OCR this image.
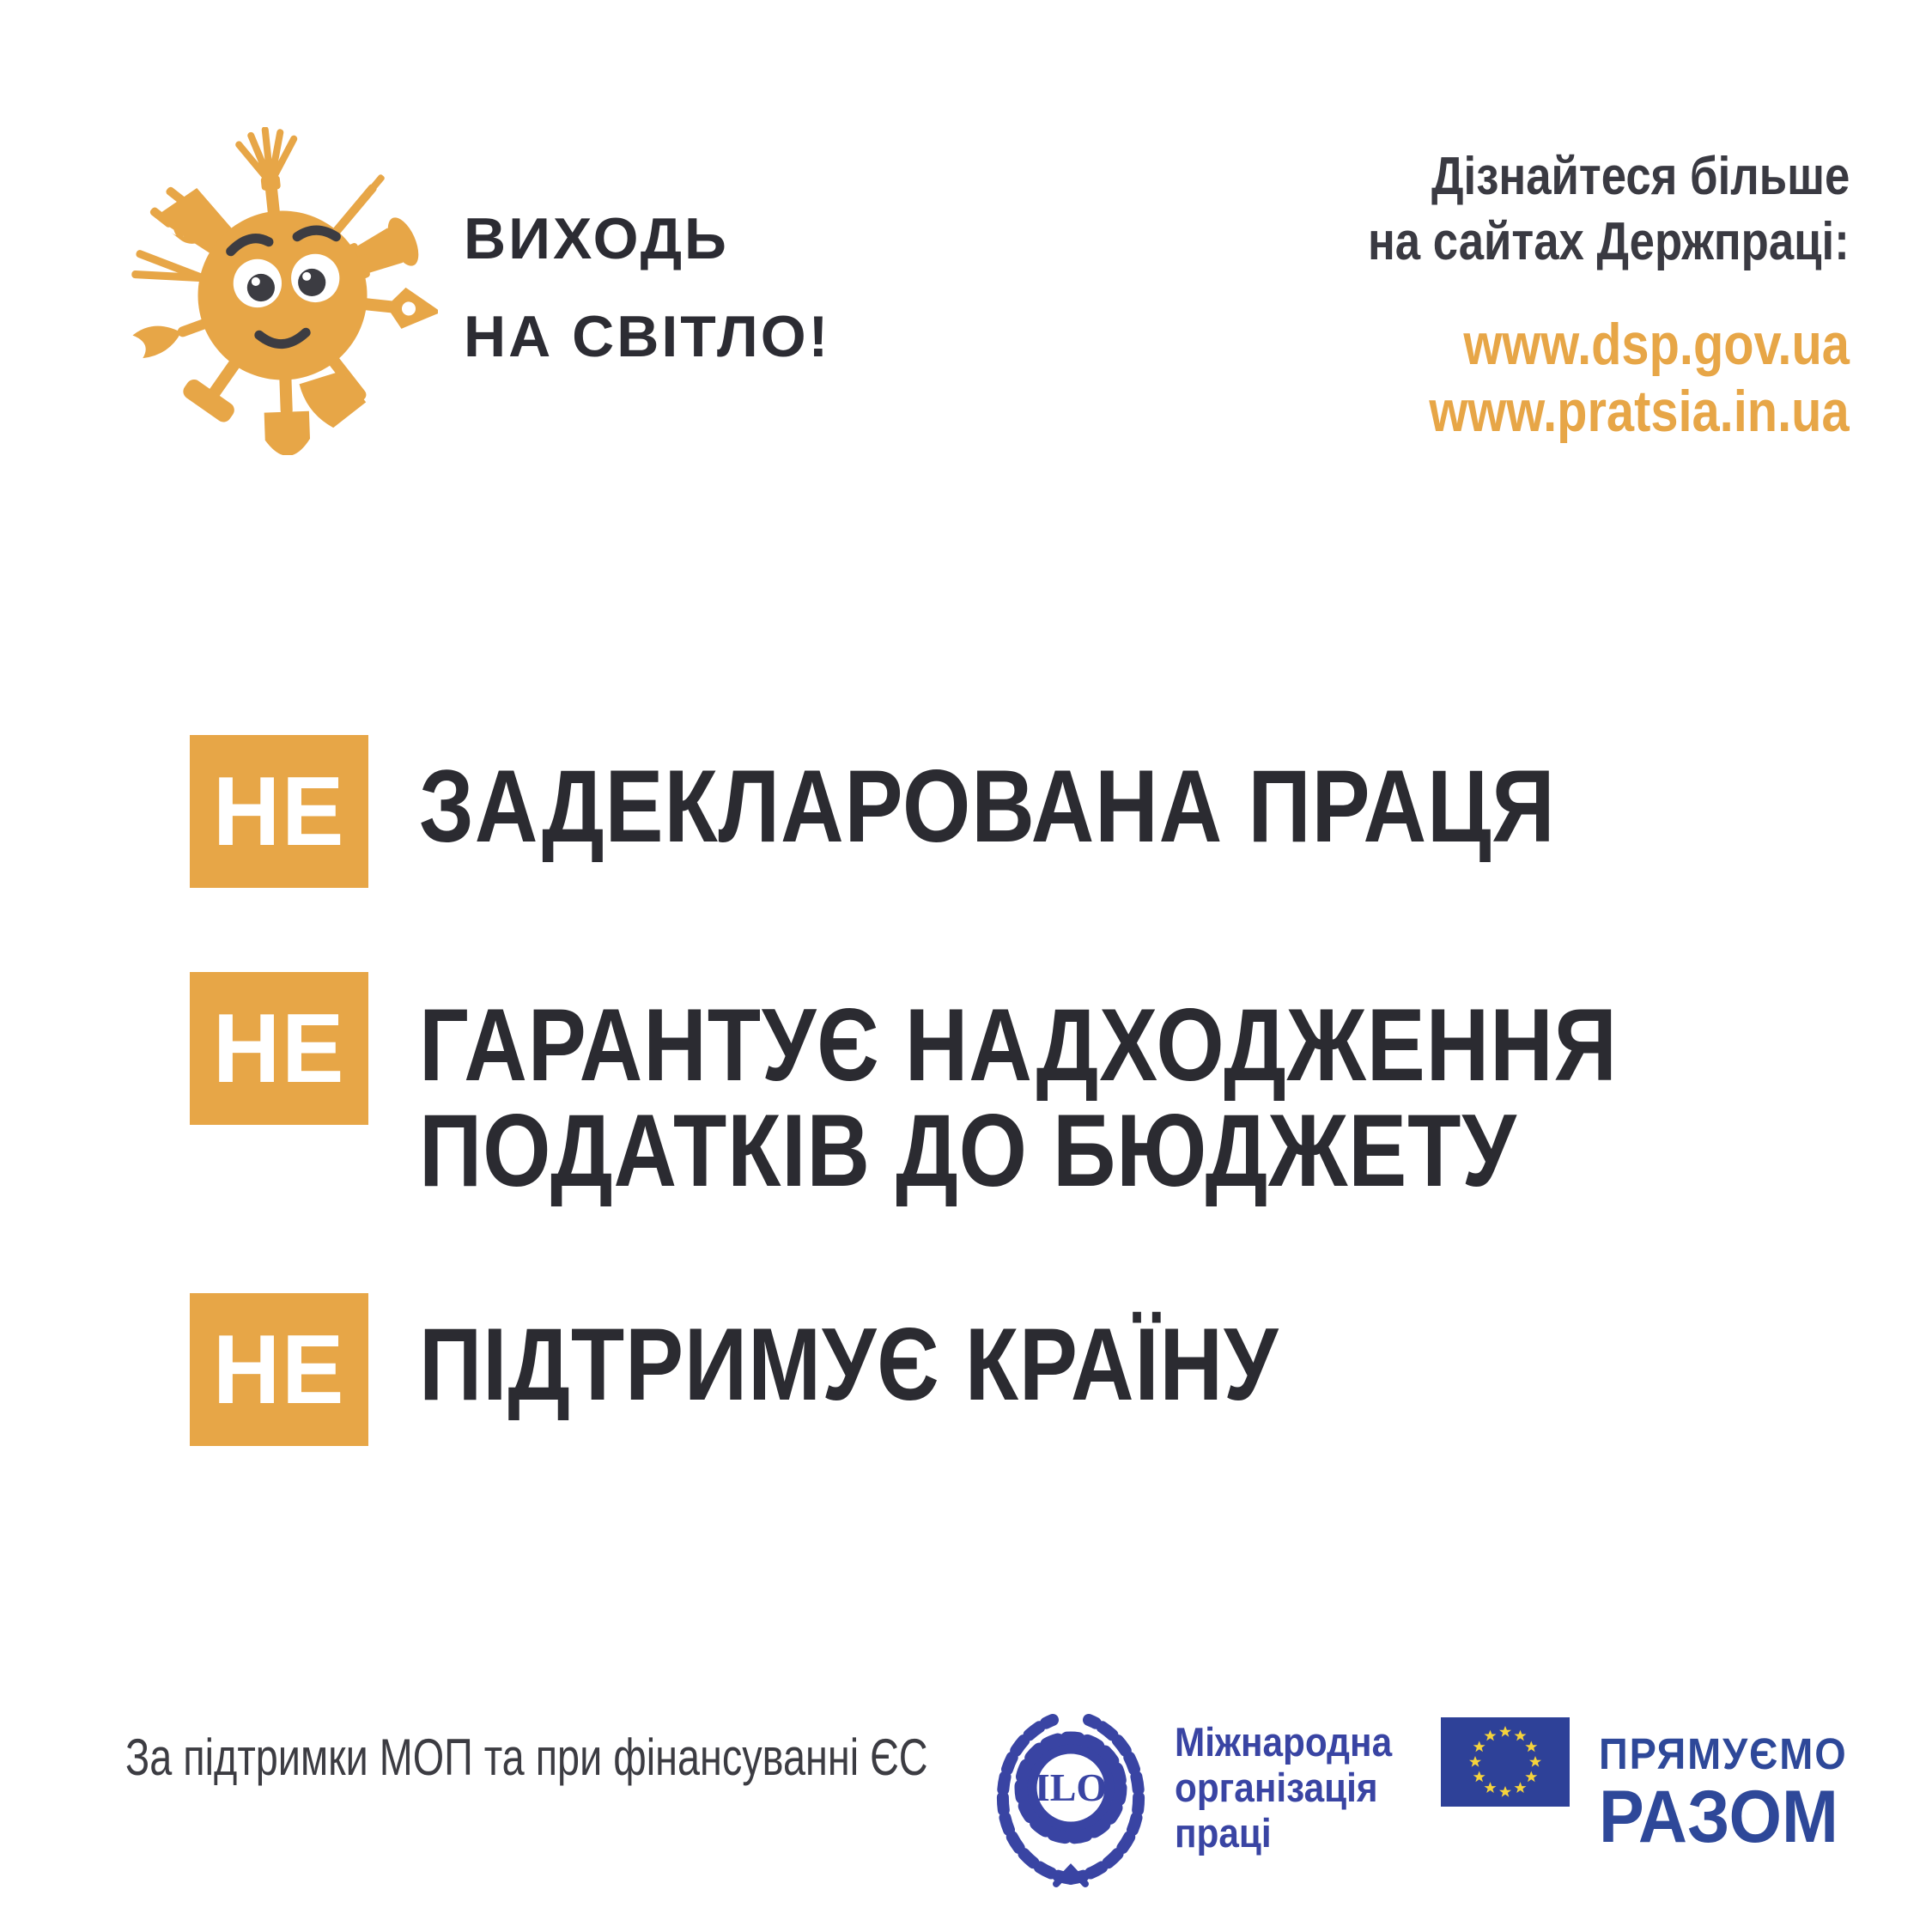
ВИХОДЬ
НА СВІТЛО!
Дізнайтеся більше
на сайтах Держпраці:
www.dsp.gov.ua
www.pratsia.in.ua
НЕ ЗАДЕКЛАРОВАНА ПРАЦЯ
НЕ ГАРАНТУЄ НАДХОДЖЕННЯ
ПОДАТКІВ ДО БЮДЖЕТУ
НЕ ПІДТРИМУЄ КРАЇНУ
За підтримки МОП та при фінансуванні ЄС
ILO
Міжнародна
організація
праці
ПРЯМУЄМО
РАЗОМ
